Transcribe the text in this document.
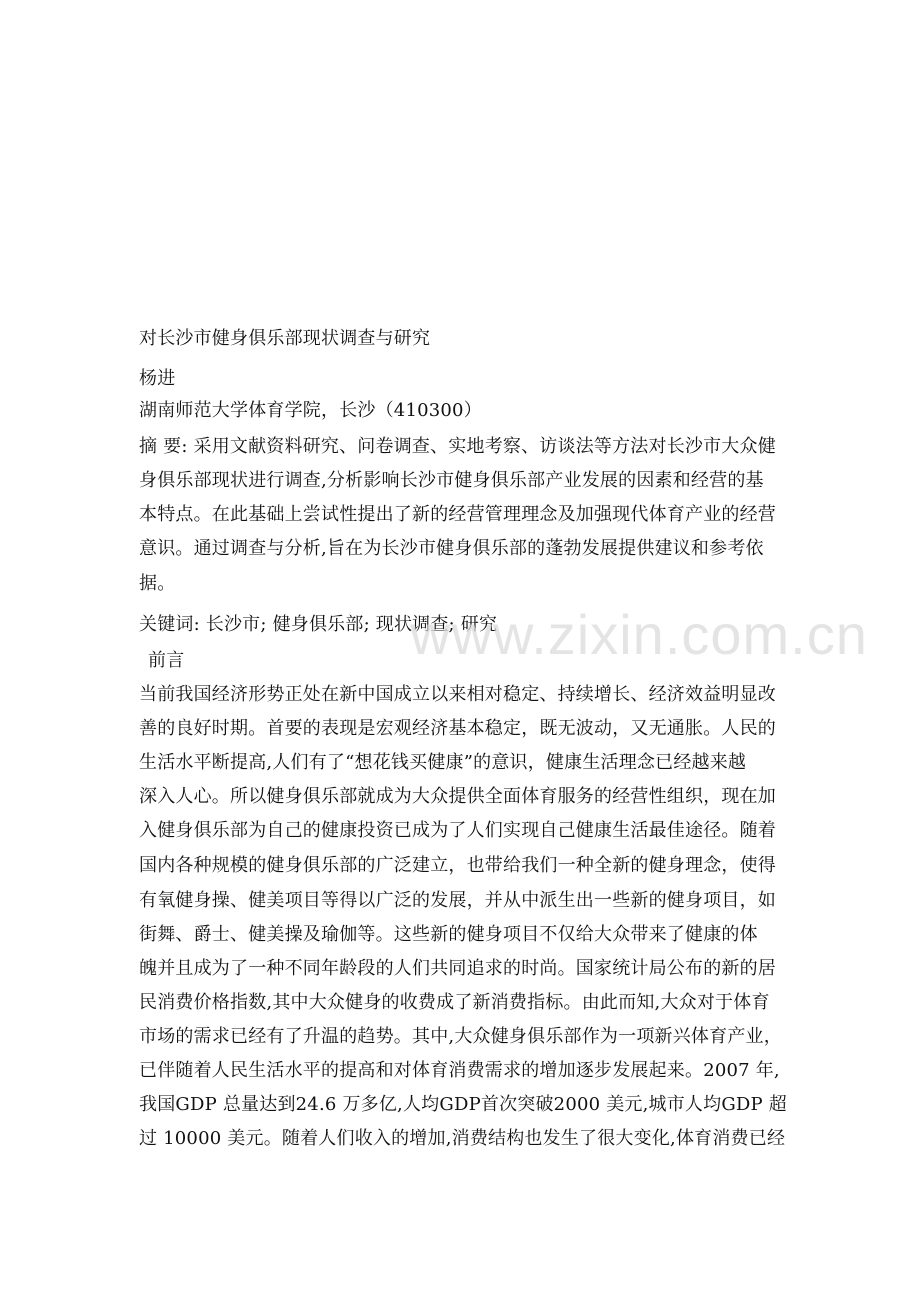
对长沙市健身俱乐部现状调查与研究
杨进
湖南师范大学体育学院，长沙（410300）
摘 要: 采用文献资料研究、问卷调查、实地考察、访谈法等方法对长沙市大众健
身俱乐部现状进行调查,分析影响长沙市健身俱乐部产业发展的因素和经营的基
本特点。在此基础上尝试性提出了新的经营管理理念及加强现代体育产业的经营
意识。通过调查与分析,旨在为长沙市健身俱乐部的蓬勃发展提供建议和参考依
据。
关键词: 长沙市; 健身俱乐部; 现状调查; 研究
前言
当前我国经济形势正处在新中国成立以来相对稳定、持续增长、经济效益明显改
善的良好时期。首要的表现是宏观经济基本稳定，既无波动，又无通胀。人民的
生活水平断提高,人们有了“想花钱买健康”的意识，健康生活理念已经越来越
深入人心。所以健身俱乐部就成为大众提供全面体育服务的经营性组织，现在加
入健身俱乐部为自己的健康投资已成为了人们实现自己健康生活最佳途径。随着
国内各种规模的健身俱乐部的广泛建立，也带给我们一种全新的健身理念，使得
有氧健身操、健美项目等得以广泛的发展，并从中派生出一些新的健身项目，如
街舞、爵士、健美操及瑜伽等。这些新的健身项目不仅给大众带来了健康的体
魄并且成为了一种不同年龄段的人们共同追求的时尚。国家统计局公布的新的居
民消费价格指数,其中大众健身的收费成了新消费指标。由此而知,大众对于体育
市场的需求已经有了升温的趋势。其中,大众健身俱乐部作为一项新兴体育产业，
已伴随着人民生活水平的提高和对体育消费需求的增加逐步发展起来。2007 年,
我国GDP 总量达到24.6 万多亿,人均GDP首次突破2000 美元,城市人均GDP 超
过 10000 美元。随着人们收入的增加,消费结构也发生了很大变化,体育消费已经
www.zixin.com.cn
